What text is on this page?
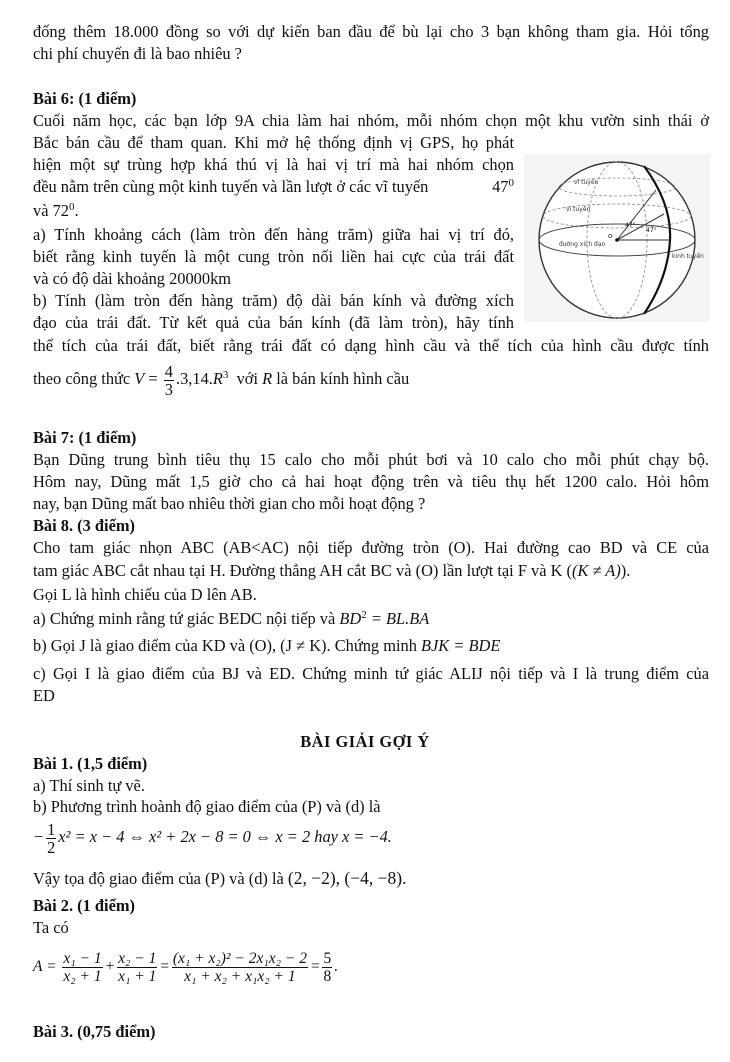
đống thêm 18.000 đồng so với dự kiến ban đầu để bù lại cho 3 bạn không tham gia. Hỏi tổng
chi phí chuyến đi là bao nhiêu ?
Bài 6: (1 điểm)
Cuối năm học, các bạn lớp 9A chia làm hai nhóm, mỗi nhóm chọn một khu vườn sinh thái ở
Bắc bán cầu để tham quan. Khi mở hệ thống định vị GPS, họ phát
hiện một sự trùng hợp khá thú vị là hai vị trí mà hai nhóm chọn
đều nằm trên cùng một kinh tuyến và lần lượt ở các vĩ tuyến	$47^0$
và $72^0$.
a) Tính khoảng cách (làm tròn đến hàng trăm) giữa hai vị trí đó,
biết rằng kinh tuyến là một cung tròn nối liền hai cực của trái đất
và có độ dài khoảng 20000km
b) Tính (làm tròn đến hàng trăm) độ dài bán kính và đường xích
đạo của trái đất. Từ kết quả của bán kính (đã làm tròn), hãy tính
thể tích của trái đất, biết rằng trái đất có dạng hình cầu và thể tích của hình cầu được tính
theo công thức $V = \frac{4}{3} .3,14.R^3$ với R là bán kính hình cầu
vĩ tuyến
vĩ tuyến
đường xích đạo
kinh tuyến
47°
47°
o
Bài 7: (1 điểm)
Bạn Dũng trung bình tiêu thụ 15 calo cho mỗi phút bơi và 10 calo cho mỗi phút chạy bộ.
Hôm nay, Dũng mất 1,5 giờ cho cả hai hoạt động trên và tiêu thụ hết 1200 calo. Hỏi hôm
nay, bạn Dũng mất bao nhiêu thời gian cho mỗi hoạt động ?
Bài 8. (3 điểm)
Cho tam giác nhọn ABC (AB<AC) nội tiếp đường tròn (O). Hai đường cao BD và CE của
tam giác ABC cắt nhau tại H. Đường thẳng AH cắt BC và (O) lần lượt tại F và K ((K ≠ A)).
Gọi L là hình chiếu của D lên AB.
a) Chứng minh rằng tứ giác BEDC nội tiếp và $BD^2 = BL.BA$
b) Gọi J là giao điểm của KD và (O), (J ≠ K). Chứng minh BJK = BDE
c) Gọi I là giao điểm của BJ và ED. Chứng minh tứ giác ALIJ nội tiếp và I là trung điểm của
ED
BÀI GIẢI GỢI Ý
Bài 1. (1,5 điểm)
a) Thí sinh tự vẽ.
b) Phương trình hoành độ giao điểm của (P) và (d) là
− $\frac{1}{2} x^2 = x - 4$ ⇔ x² + 2x − 8 = 0 ⇔ x = 2 hay x = −4.
Vậy tọa độ giao điểm của (P) và (d) là (2, −2), (−4, −8).
Bài 2. (1 điểm)
Ta có
$A = \frac{\text{x₁ − 1}}{\text{x₂ + 1}} + \frac{\text{x₂ − 1}}{\text{x₁ + 1}} = \frac{\text{(x₁ + x₂)² − 2x₁x₂ − 2}}{\text{x₁ + x₂ + x₁x₂ + 1}} = \frac{5}{8}$ .
Bài 3. (0,75 điểm)
